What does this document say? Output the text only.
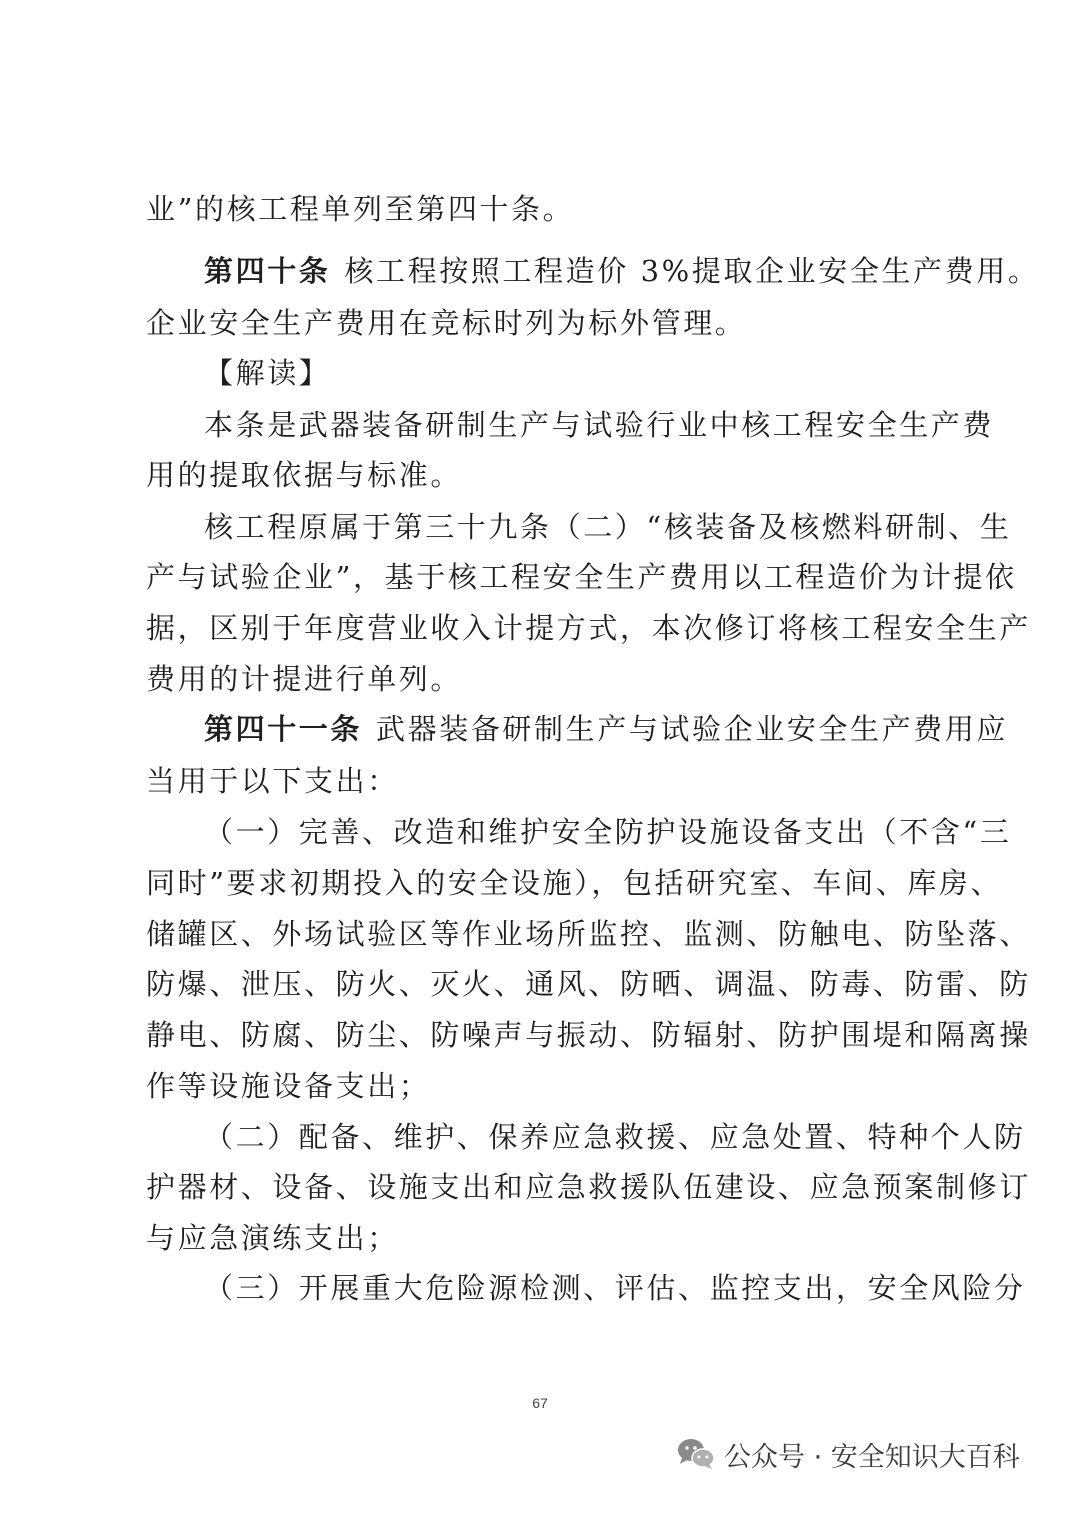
业”的核工程单列至第四十条。
第四十条 核工程按照工程造价 3%提取企业安全生产费用。
企业安全生产费用在竞标时列为标外管理。
【解读】
本条是武器装备研制生产与试验行业中核工程安全生产费
用的提取依据与标准。
核工程原属于第三十九条（二）“核装备及核燃料研制、生
产与试验企业”，基于核工程安全生产费用以工程造价为计提依
据，区别于年度营业收入计提方式，本次修订将核工程安全生产
费用的计提进行单列。
第四十一条 武器装备研制生产与试验企业安全生产费用应
当用于以下支出：
（一）完善、改造和维护安全防护设施设备支出（不含“三
同时”要求初期投入的安全设施），包括研究室、车间、库房、
储罐区、外场试验区等作业场所监控、监测、防触电、防坠落、
防爆、泄压、防火、灭火、通风、防晒、调温、防毒、防雷、防
静电、防腐、防尘、防噪声与振动、防辐射、防护围堤和隔离操
作等设施设备支出；
（二）配备、维护、保养应急救援、应急处置、特种个人防
护器材、设备、设施支出和应急救援队伍建设、应急预案制修订
与应急演练支出；
（三）开展重大危险源检测、评估、监控支出，安全风险分
67
公众号 · 安全知识大百科
